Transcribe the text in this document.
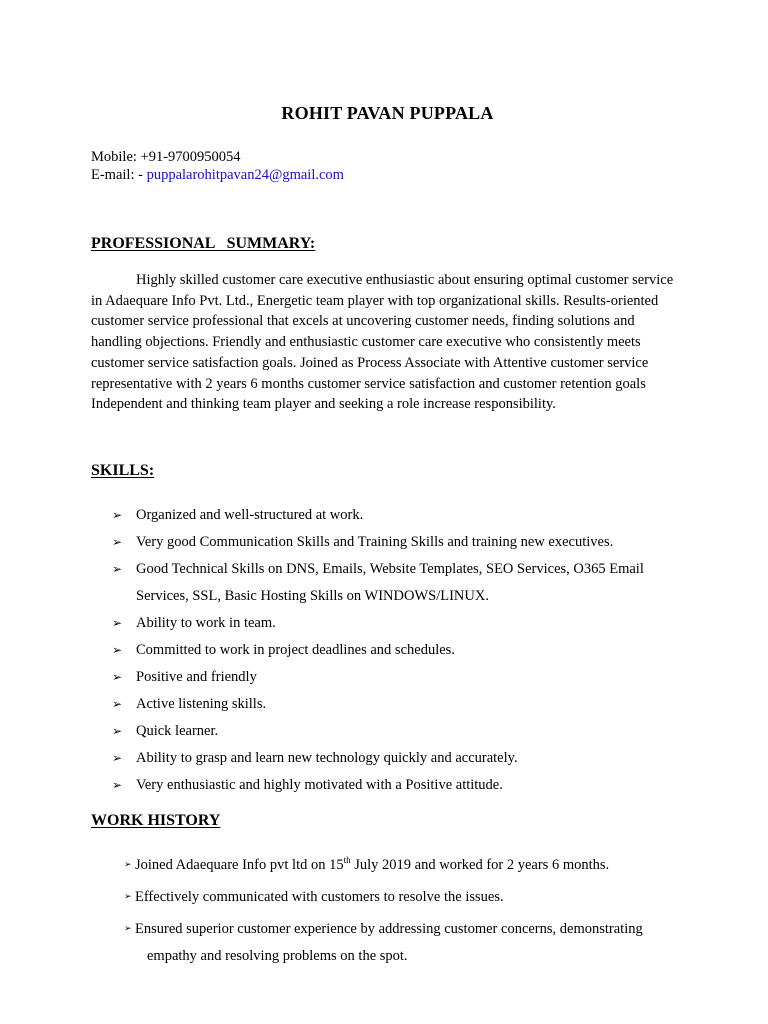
ROHIT PAVAN PUPPALA
Mobile: +91-9700950054
E-mail: - puppalarohitpavan24@gmail.com
PROFESSIONAL   SUMMARY:

Highly skilled customer care executive enthusiastic about ensuring optimal customer service in Adaequare Info Pvt. Ltd., Energetic team player with top organizational skills. Results-oriented customer service professional that excels at uncovering customer needs, finding solutions and handling objections. Friendly and enthusiastic customer care executive who consistently meets customer service satisfaction goals. Joined as Process Associate with Attentive customer service representative with 2 years 6 months customer service satisfaction and customer retention goals Independent and thinking team player and seeking a role increase responsibility.

SKILLS:
➢ Organized and well-structured at work.
➢ Very good Communication Skills and Training Skills and training new executives.
➢ Good Technical Skills on DNS, Emails, Website Templates, SEO Services, O365 Email Services, SSL, Basic Hosting Skills on WINDOWS/LINUX.
➢ Ability to work in team.
➢ Committed to work in project deadlines and schedules.
➢ Positive and friendly
➢ Active listening skills.
➢ Quick learner.
➢ Ability to grasp and learn new technology quickly and accurately.
➢ Very enthusiastic and highly motivated with a Positive attitude.
WORK HISTORY
➢ Joined Adaequare Info pvt ltd on 15th July 2019 and worked for 2 years 6 months.
➢ Effectively communicated with customers to resolve the issues.
➢ Ensured superior customer experience by addressing customer concerns, demonstrating
empathy and resolving problems on the spot.
